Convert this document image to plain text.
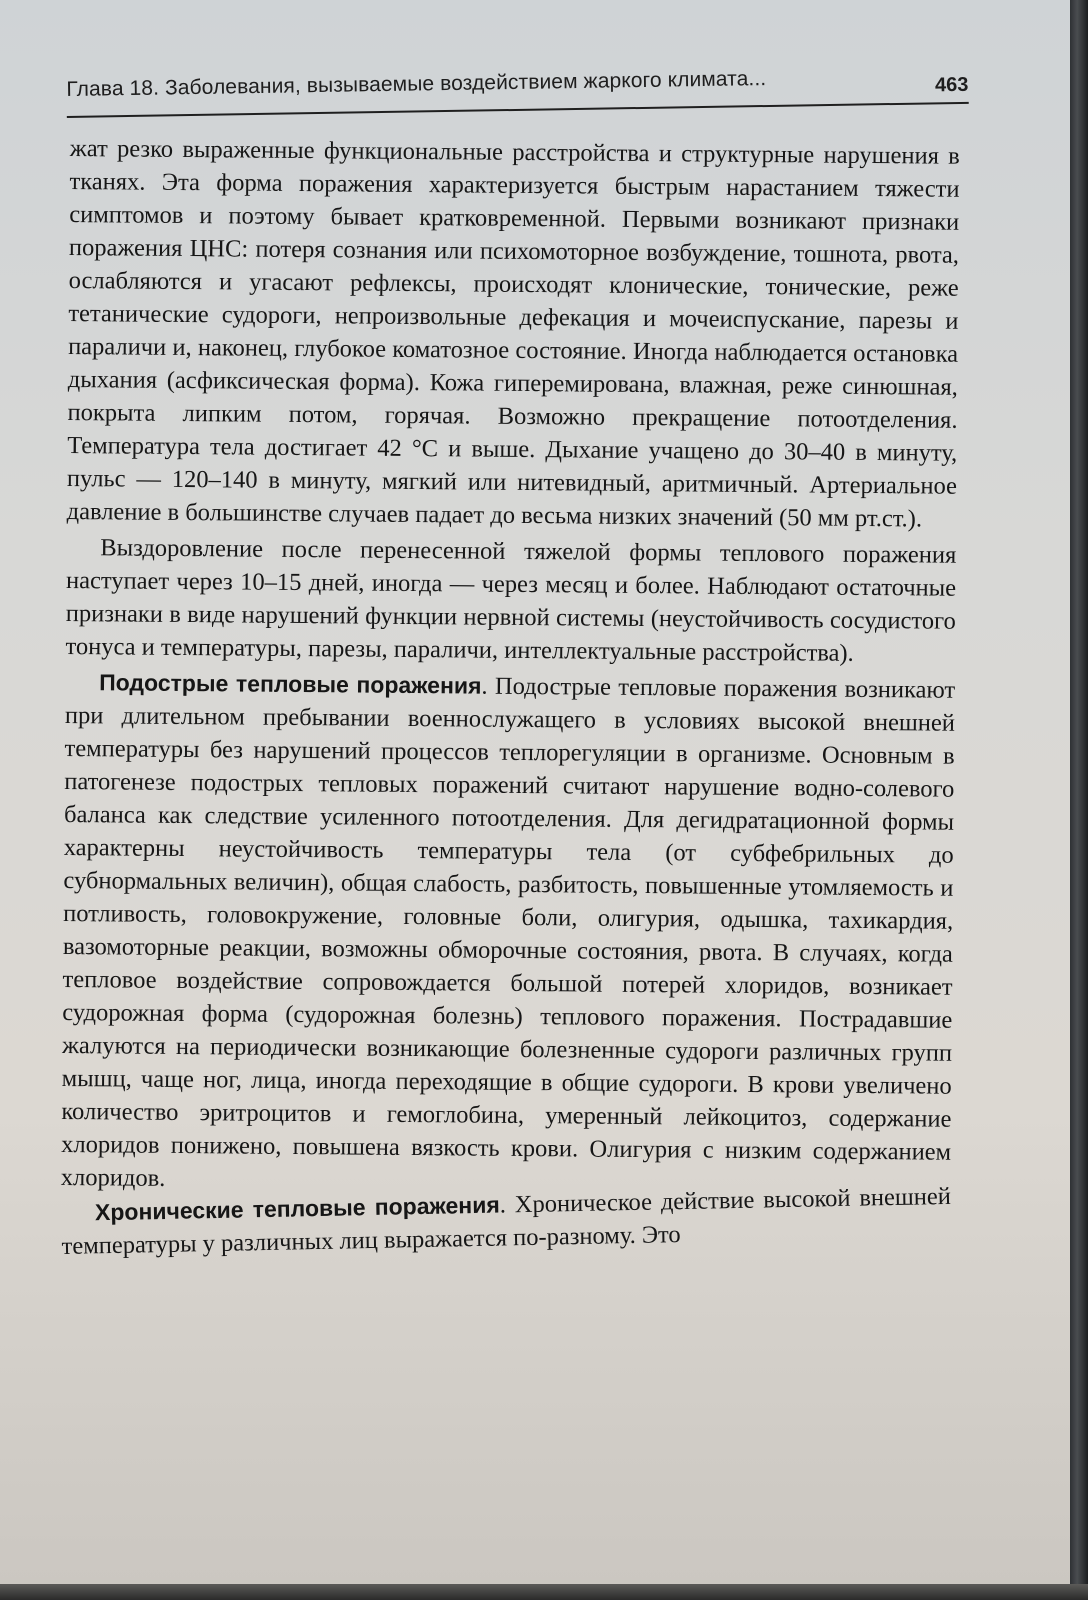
Глава 18. Заболевания, вызываемые воздействием жаркого климата...	463

жат резко выраженные функциональные расстройства и структурные нарушения в тканях. Эта форма поражения характеризуется быстрым нарастанием тяжести симптомов и поэтому бывает кратковременной. Первыми возникают признаки поражения ЦНС: потеря сознания или психомоторное возбуждение, тошнота, рвота, ослабляются и угасают рефлексы, происходят клонические, тонические, реже тетанические судороги, непроизвольные дефекация и мочеиспускание, парезы и параличи и, наконец, глубокое коматозное состояние. Иногда наблюдается остановка дыхания (асфиксическая форма). Кожа гиперемирована, влажная, реже синюшная, покрыта липким потом, горячая. Возможно прекращение потоотделения. Температура тела достигает 42 °С и выше. Дыхание учащено до 30–40 в минуту, пульс — 120–140 в минуту, мягкий или нитевидный, аритмичный. Артериальное давление в большинстве случаев падает до весьма низких значений (50 мм рт.ст.).

Выздоровление после перенесенной тяжелой формы теплового поражения наступает через 10–15 дней, иногда — через месяц и более. Наблюдают остаточные признаки в виде нарушений функции нервной системы (неустойчивость сосудистого тонуса и температуры, парезы, параличи, интеллектуальные расстройства).

Подострые тепловые поражения. Подострые тепловые поражения возникают при длительном пребывании военнослужащего в условиях высокой внешней температуры без нарушений процессов теплорегуляции в организме. Основным в патогенезе подострых тепловых поражений считают нарушение водно-солевого баланса как следствие усиленного потоотделения. Для дегидратационной формы характерны неустойчивость температуры тела (от субфебрильных до субнормальных величин), общая слабость, разбитость, повышенные утомляемость и потливость, головокружение, головные боли, олигурия, одышка, тахикардия, вазомоторные реакции, возможны обморочные состояния, рвота. В случаях, когда тепловое воздействие сопровождается большой потерей хлоридов, возникает судорожная форма (судорожная болезнь) теплового поражения. Пострадавшие жалуются на периодически возникающие болезненные судороги различных групп мышц, чаще ног, лица, иногда переходящие в общие судороги. В крови увеличено количество эритроцитов и гемоглобина, умеренный лейкоцитоз, содержание хлоридов понижено, повышена вязкость крови. Олигурия с низким содержанием хлоридов.

Хронические тепловые поражения. Хроническое действие высокой внешней температуры у различных лиц выражается по-разному. Это
